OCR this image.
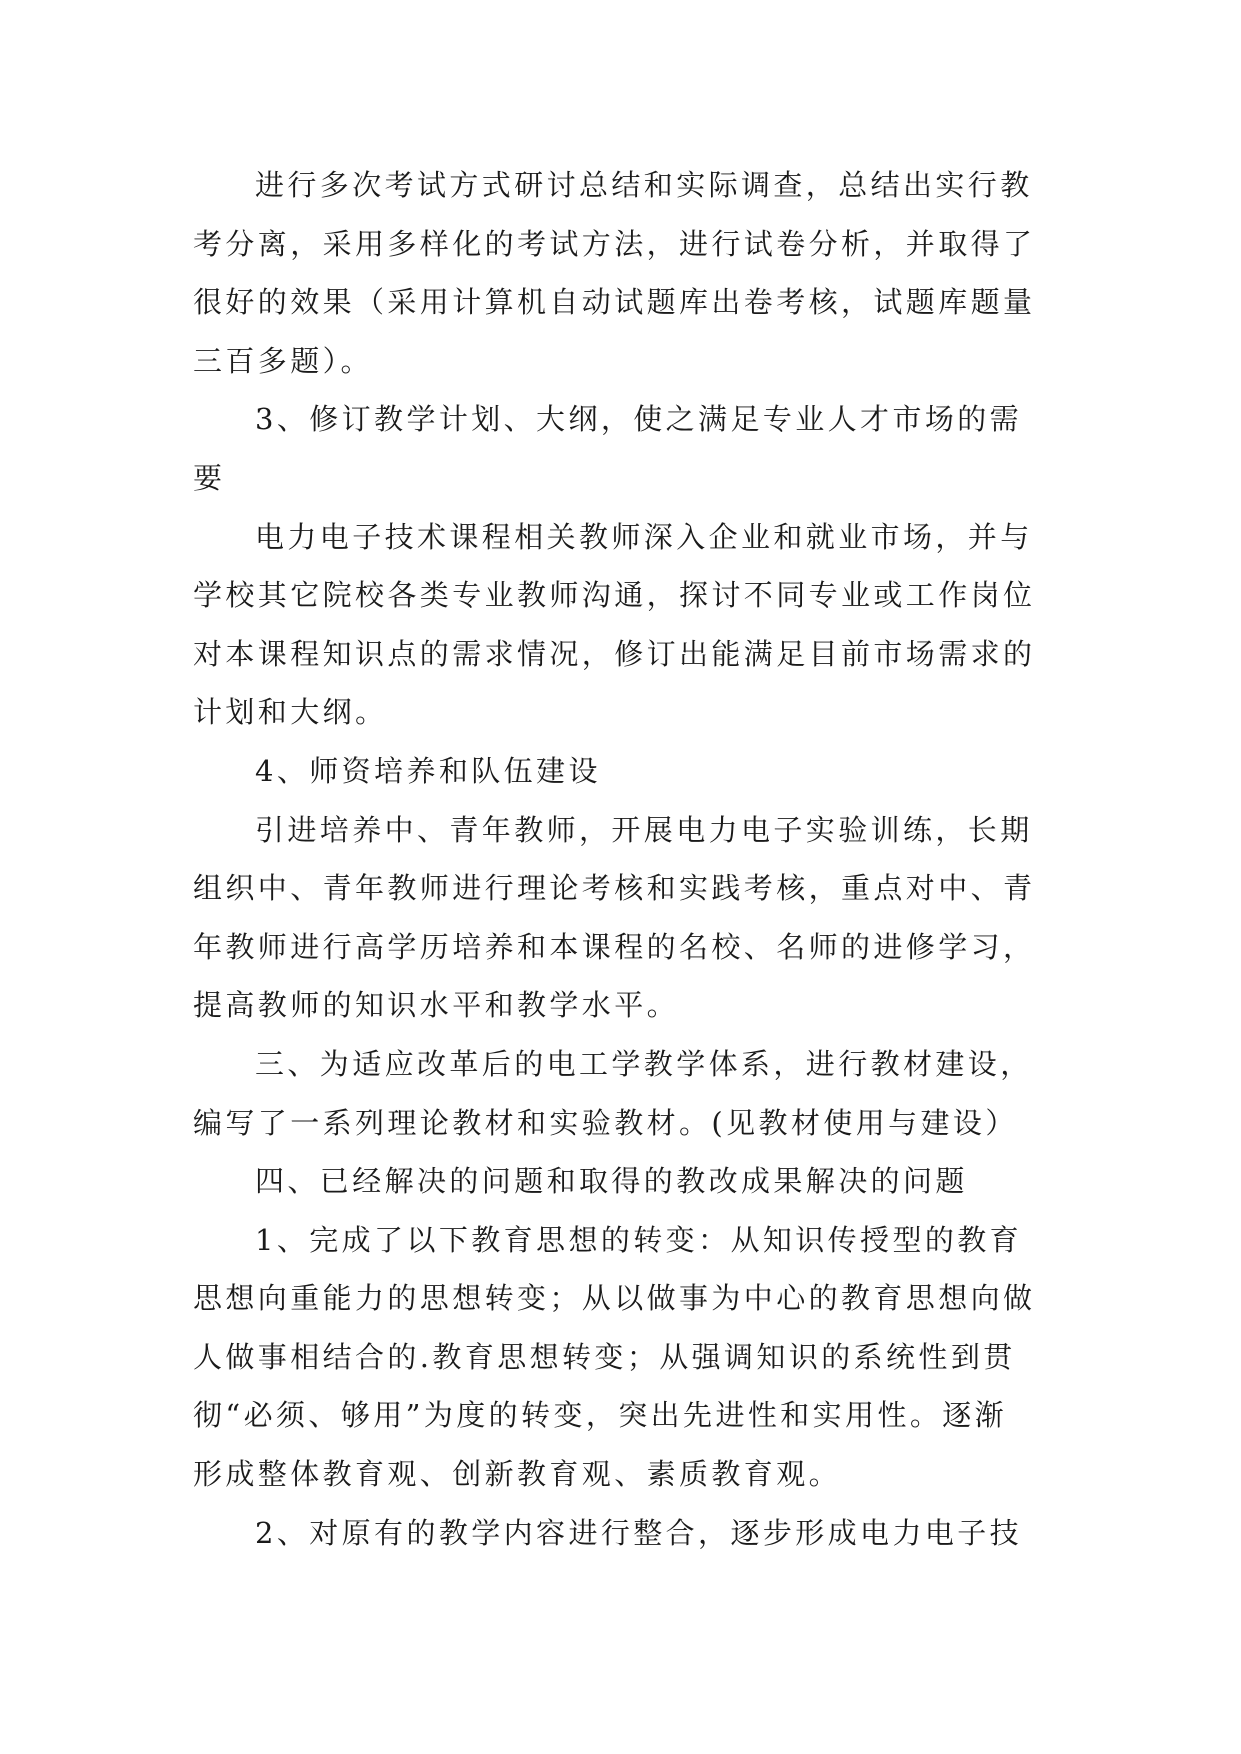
进行多次考试方式研讨总结和实际调查，总结出实行教
考分离，采用多样化的考试方法，进行试卷分析，并取得了
很好的效果（采用计算机自动试题库出卷考核，试题库题量
三百多题）。
3、修订教学计划、大纲，使之满足专业人才市场的需
要
电力电子技术课程相关教师深入企业和就业市场，并与
学校其它院校各类专业教师沟通，探讨不同专业或工作岗位
对本课程知识点的需求情况，修订出能满足目前市场需求的
计划和大纲。
4、师资培养和队伍建设
引进培养中、青年教师，开展电力电子实验训练，长期
组织中、青年教师进行理论考核和实践考核，重点对中、青
年教师进行高学历培养和本课程的名校、名师的进修学习，
提高教师的知识水平和教学水平。
三、为适应改革后的电工学教学体系，进行教材建设，
编写了一系列理论教材和实验教材。(见教材使用与建设）
四、已经解决的问题和取得的教改成果解决的问题
1、完成了以下教育思想的转变：从知识传授型的教育
思想向重能力的思想转变；从以做事为中心的教育思想向做
人做事相结合的.教育思想转变；从强调知识的系统性到贯
彻“必须、够用”为度的转变，突出先进性和实用性。逐渐
形成整体教育观、创新教育观、素质教育观。
2、对原有的教学内容进行整合，逐步形成电力电子技
